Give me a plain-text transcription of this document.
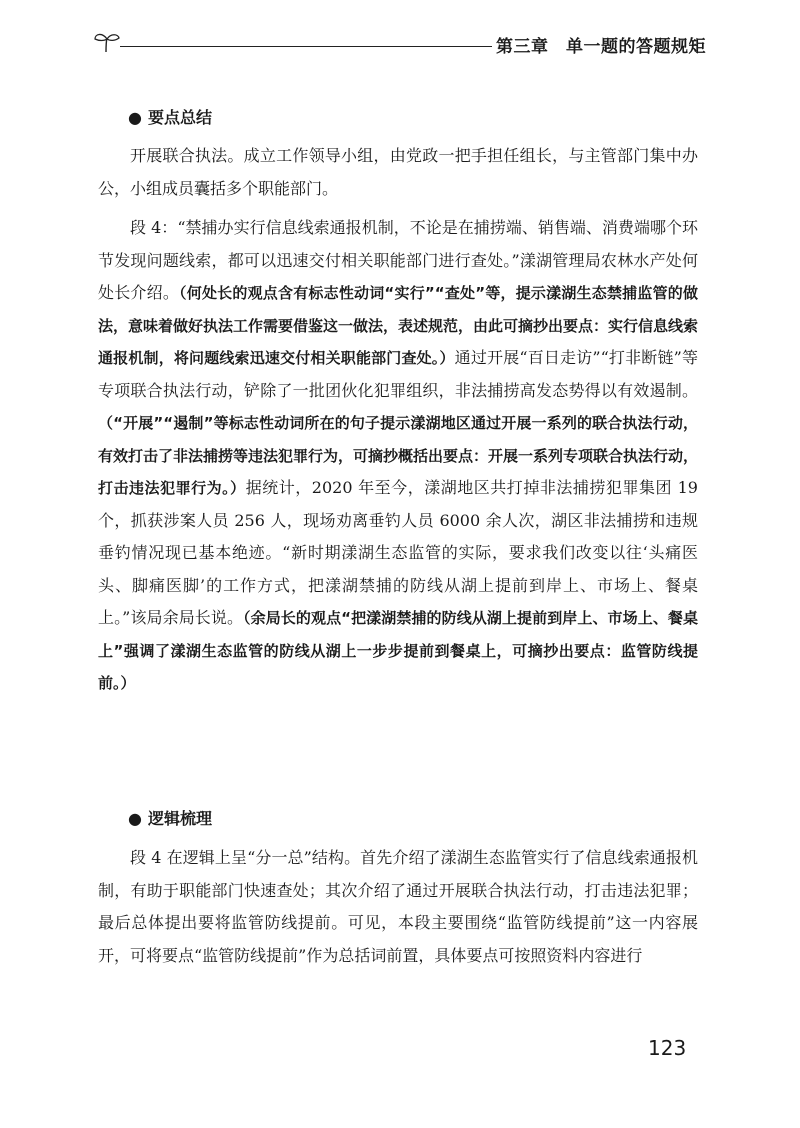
第三章　单一题的答题规矩
● 要点总结
开展联合执法。成立工作领导小组，由党政一把手担任组长，与主管部门集中办公，小组成员囊括多个职能部门。
段 4：“禁捕办实行信息线索通报机制，不论是在捕捞端、销售端、消费端哪个环节发现问题线索，都可以迅速交付相关职能部门进行查处。”漾湖管理局农林水产处何处长介绍。（何处长的观点含有标志性动词“实行”“查处”等，提示漾湖生态禁捕监管的做法，意味着做好执法工作需要借鉴这一做法，表述规范，由此可摘抄出要点：实行信息线索通报机制，将问题线索迅速交付相关职能部门查处。）通过开展“百日走访”“打非断链”等专项联合执法行动，铲除了一批团伙化犯罪组织，非法捕捞高发态势得以有效遏制。（“开展”“遏制”等标志性动词所在的句子提示漾湖地区通过开展一系列的联合执法行动，有效打击了非法捕捞等违法犯罪行为，可摘抄概括出要点：开展一系列专项联合执法行动，打击违法犯罪行为。）据统计，2020 年至今，漾湖地区共打掉非法捕捞犯罪集团 19 个，抓获涉案人员 256 人，现场劝离垂钓人员 6000 余人次，湖区非法捕捞和违规垂钓情况现已基本绝迹。“新时期漾湖生态监管的实际，要求我们改变以往‘头痛医头、脚痛医脚’的工作方式，把漾湖禁捕的防线从湖上提前到岸上、市场上、餐桌上。”该局余局长说。（余局长的观点“把漾湖禁捕的防线从湖上提前到岸上、市场上、餐桌上”强调了漾湖生态监管的防线从湖上一步步提前到餐桌上，可摘抄出要点：监管防线提前。）
● 逻辑梳理
段 4 在逻辑上呈“分一总”结构。首先介绍了漾湖生态监管实行了信息线索通报机制，有助于职能部门快速查处；其次介绍了通过开展联合执法行动，打击违法犯罪；最后总体提出要将监管防线提前。可见，本段主要围绕“监管防线提前”这一内容展开，可将要点“监管防线提前”作为总括词前置，具体要点可按照资料内容进行
123
